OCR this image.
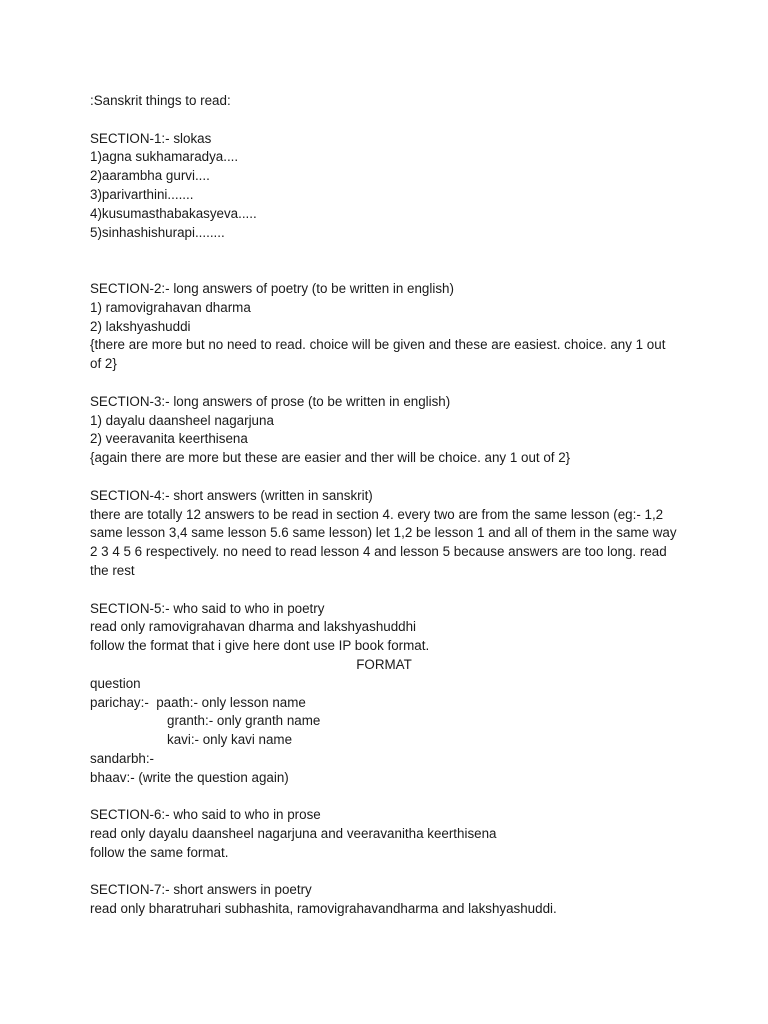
:Sanskrit things to read:

SECTION-1:- slokas

1)agna sukhamaradya....

2)aarambha gurvi....

3)parivarthini.......

4)kusumasthabakasyeva.....

5)sinhashishurapi........

SECTION-2:- long answers of poetry (to be written in english)

1) ramovigrahavan dharma

2) lakshyashuddi

{there are more but no need to read. choice will be given and these are easiest. choice. any 1 out of 2}

SECTION-3:- long answers of prose (to be written in english)

1) dayalu daansheel nagarjuna

2) veeravanita keerthisena

{again there are more but these are easier and ther will be choice. any 1 out of 2}

SECTION-4:- short answers (written in sanskrit)

there are totally 12 answers to be read in section 4. every two are from the same lesson (eg:- 1,2 same lesson 3,4 same lesson 5.6 same lesson) let 1,2 be lesson 1 and all of them in the same way 2 3 4 5 6 respectively. no need to read lesson 4 and lesson 5 because answers are too long. read the rest

SECTION-5:- who said to who in poetry

read only ramovigrahavan dharma and lakshyashuddhi

follow the format that i give here dont use IP book format.

FORMAT

question

parichay:-  paath:- only lesson name

granth:- only granth name

kavi:- only kavi name

sandarbh:-

bhaav:- (write the question again)

SECTION-6:- who said to who in prose

read only dayalu daansheel nagarjuna and veeravanitha keerthisena

follow the same format.

SECTION-7:- short answers in poetry

read only bharatruhari subhashita, ramovigrahavandharma and lakshyashuddi.
